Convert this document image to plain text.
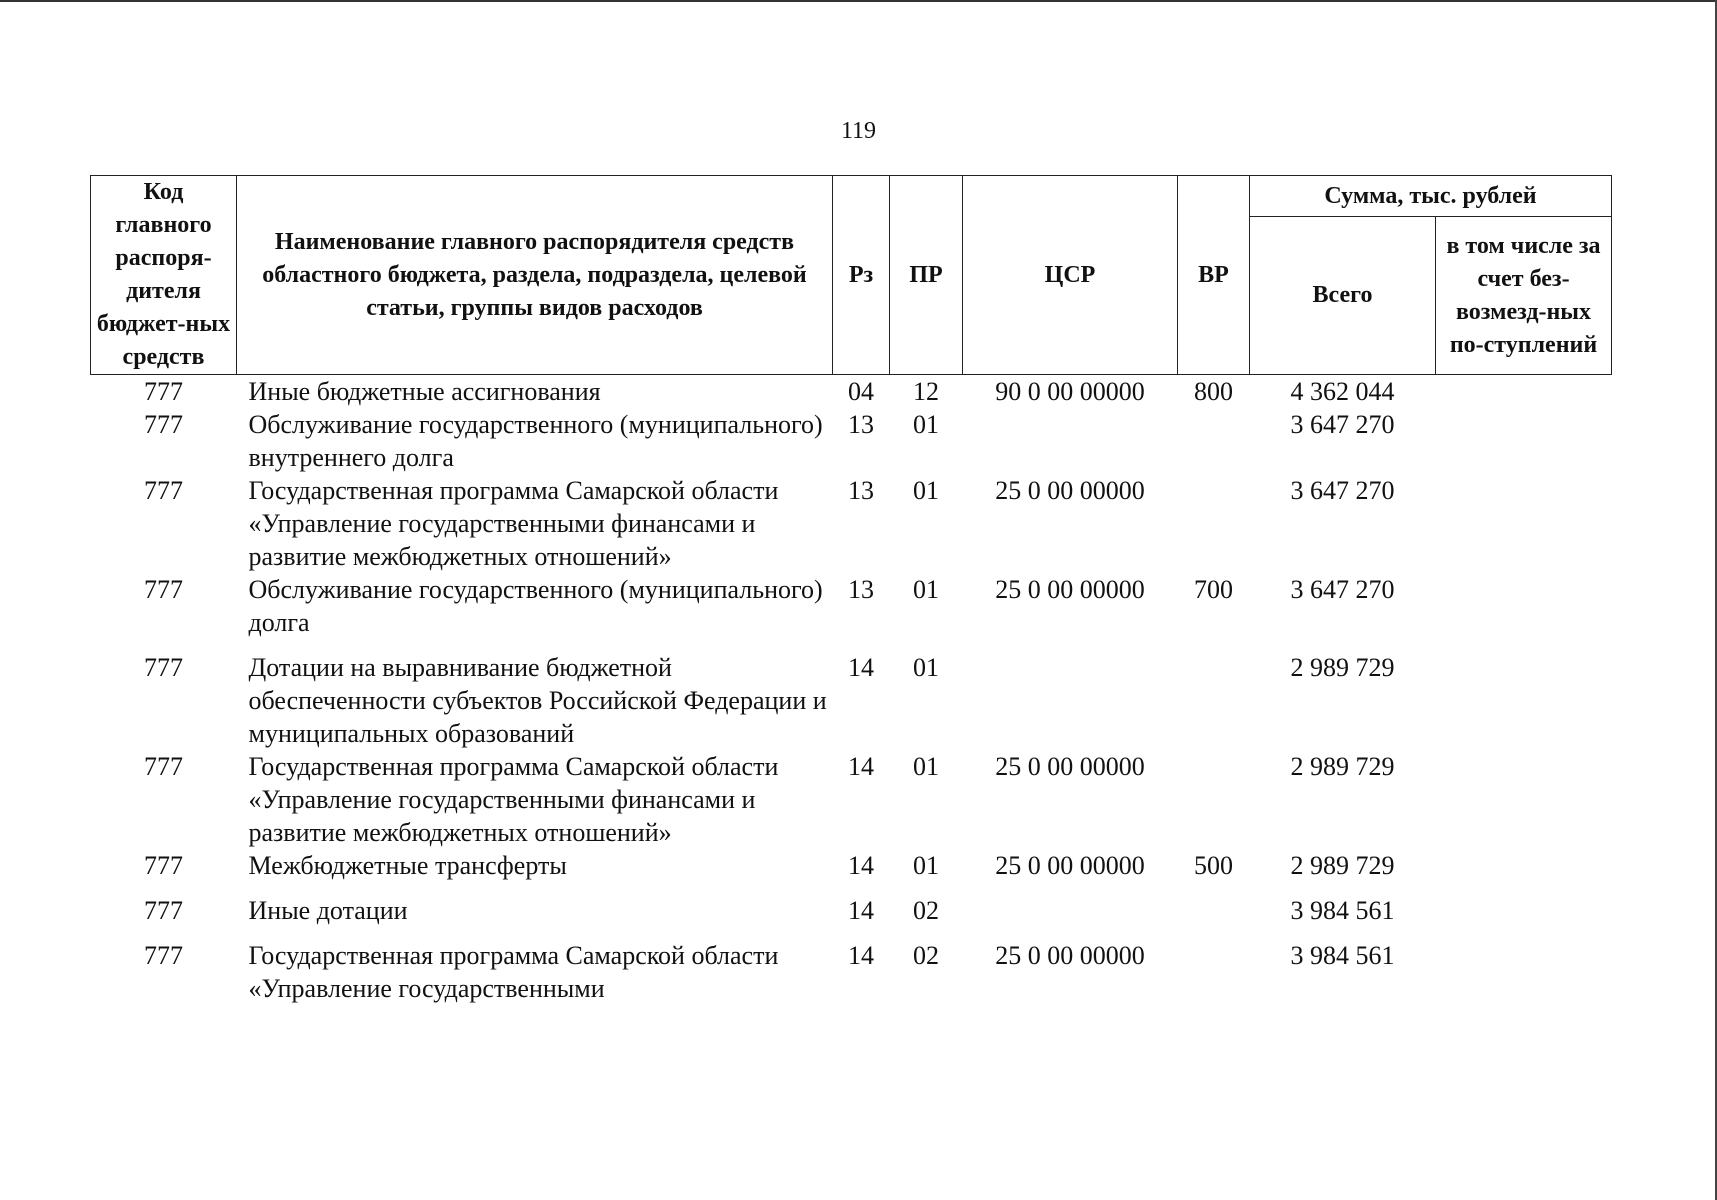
119
Код главного распоря-дителя бюджет-ных средств	Наименование главного распорядителя средств областного бюджета, раздела, подраздела, целевой статьи, группы видов расходов	Рз	ПР	ЦСР	ВР	Сумма, тыс. рублей	
						Всего	в том числе за счет без-возмезд-ных по-ступлений
777	Иные бюджетные ассигнования	04	12	90 0 00 00000	800	4 362 044	
777	Обслуживание государственного (муниципального) внутреннего долга	13	01			3 647 270	
777	Государственная программа Самарской области «Управление государственными финансами и развитие межбюджетных отношений»	13	01	25 0 00 00000		3 647 270	
777	Обслуживание государственного (муниципального) долга	13	01	25 0 00 00000	700	3 647 270	
777	Дотации на выравнивание бюджетной обеспеченности субъектов Российской Федерации и муниципальных образований	14	01			2 989 729	
777	Государственная программа Самарской области «Управление государственными финансами и развитие межбюджетных отношений»	14	01	25 0 00 00000		2 989 729	
777	Межбюджетные трансферты	14	01	25 0 00 00000	500	2 989 729	
777	Иные дотации	14	02			3 984 561	
777	Государственная программа Самарской области «Управление государственными	14	02	25 0 00 00000		3 984 561	
